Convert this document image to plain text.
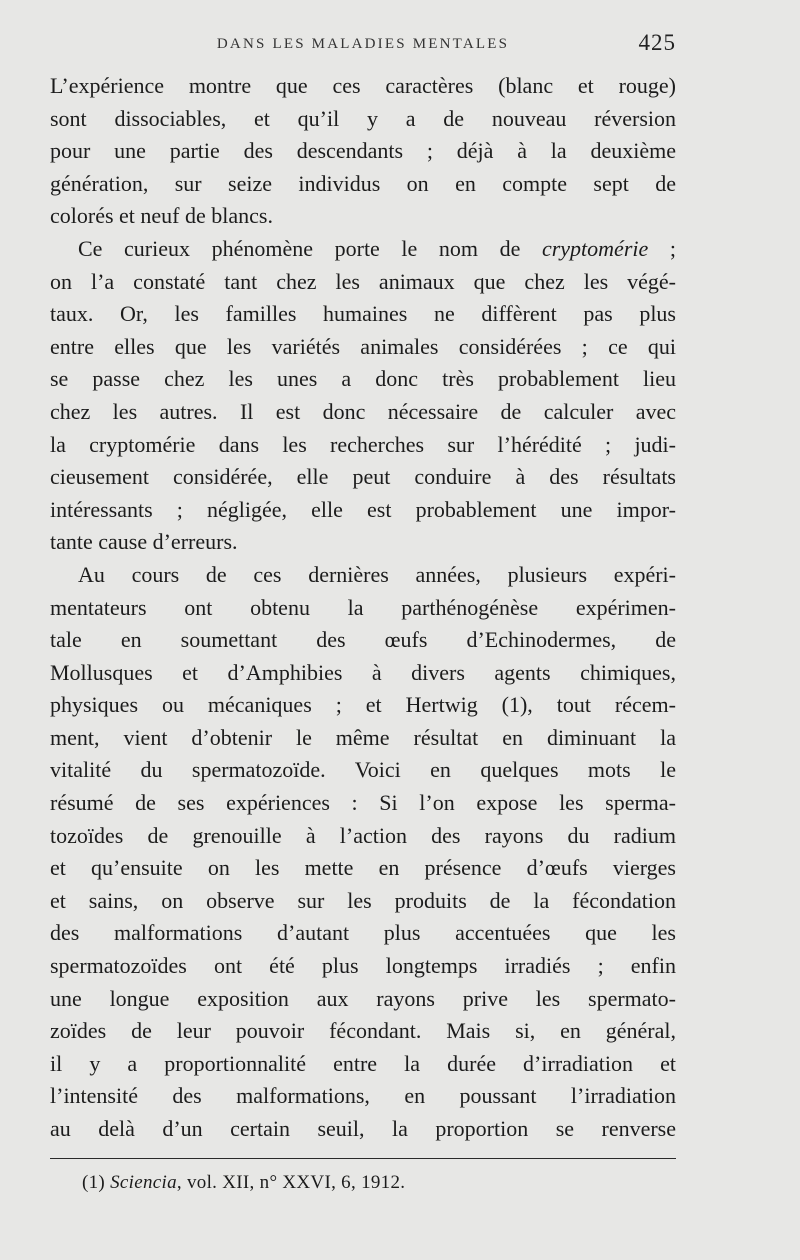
DANS LES MALADIES MENTALES	425
L’expérience montre que ces caractères (blanc et rouge)
sont dissociables, et qu’il y a de nouveau réversion
pour une partie des descendants ; déjà à la deuxième
génération, sur seize individus on en compte sept de
colorés et neuf de blancs.
Ce curieux phénomène porte le nom de cryptomérie ;
on l’a constaté tant chez les animaux que chez les végé-
taux. Or, les familles humaines ne diffèrent pas plus
entre elles que les variétés animales considérées ; ce qui
se passe chez les unes a donc très probablement lieu
chez les autres. Il est donc nécessaire de calculer avec
la cryptomérie dans les recherches sur l’hérédité ; judi-
cieusement considérée, elle peut conduire à des résultats
intéressants ; négligée, elle est probablement une impor-
tante cause d’erreurs.
Au cours de ces dernières années, plusieurs expéri-
mentateurs ont obtenu la parthénogénèse expérimen-
tale en soumettant des œufs d’Echinodermes, de
Mollusques et d’Amphibies à divers agents chimiques,
physiques ou mécaniques ; et Hertwig (1), tout récem-
ment, vient d’obtenir le même résultat en diminuant la
vitalité du spermatozoïde. Voici en quelques mots le
résumé de ses expériences : Si l’on expose les sperma-
tozoïdes de grenouille à l’action des rayons du radium
et qu’ensuite on les mette en présence d’œufs vierges
et sains, on observe sur les produits de la fécondation
des malformations d’autant plus accentuées que les
spermatozoïdes ont été plus longtemps irradiés ; enfin
une longue exposition aux rayons prive les spermato-
zoïdes de leur pouvoir fécondant. Mais si, en général,
il y a proportionnalité entre la durée d’irradiation et
l’intensité des malformations, en poussant l’irradiation
au delà d’un certain seuil, la proportion se renverse
(1) Sciencia, vol. XII, n° XXVI, 6, 1912.
